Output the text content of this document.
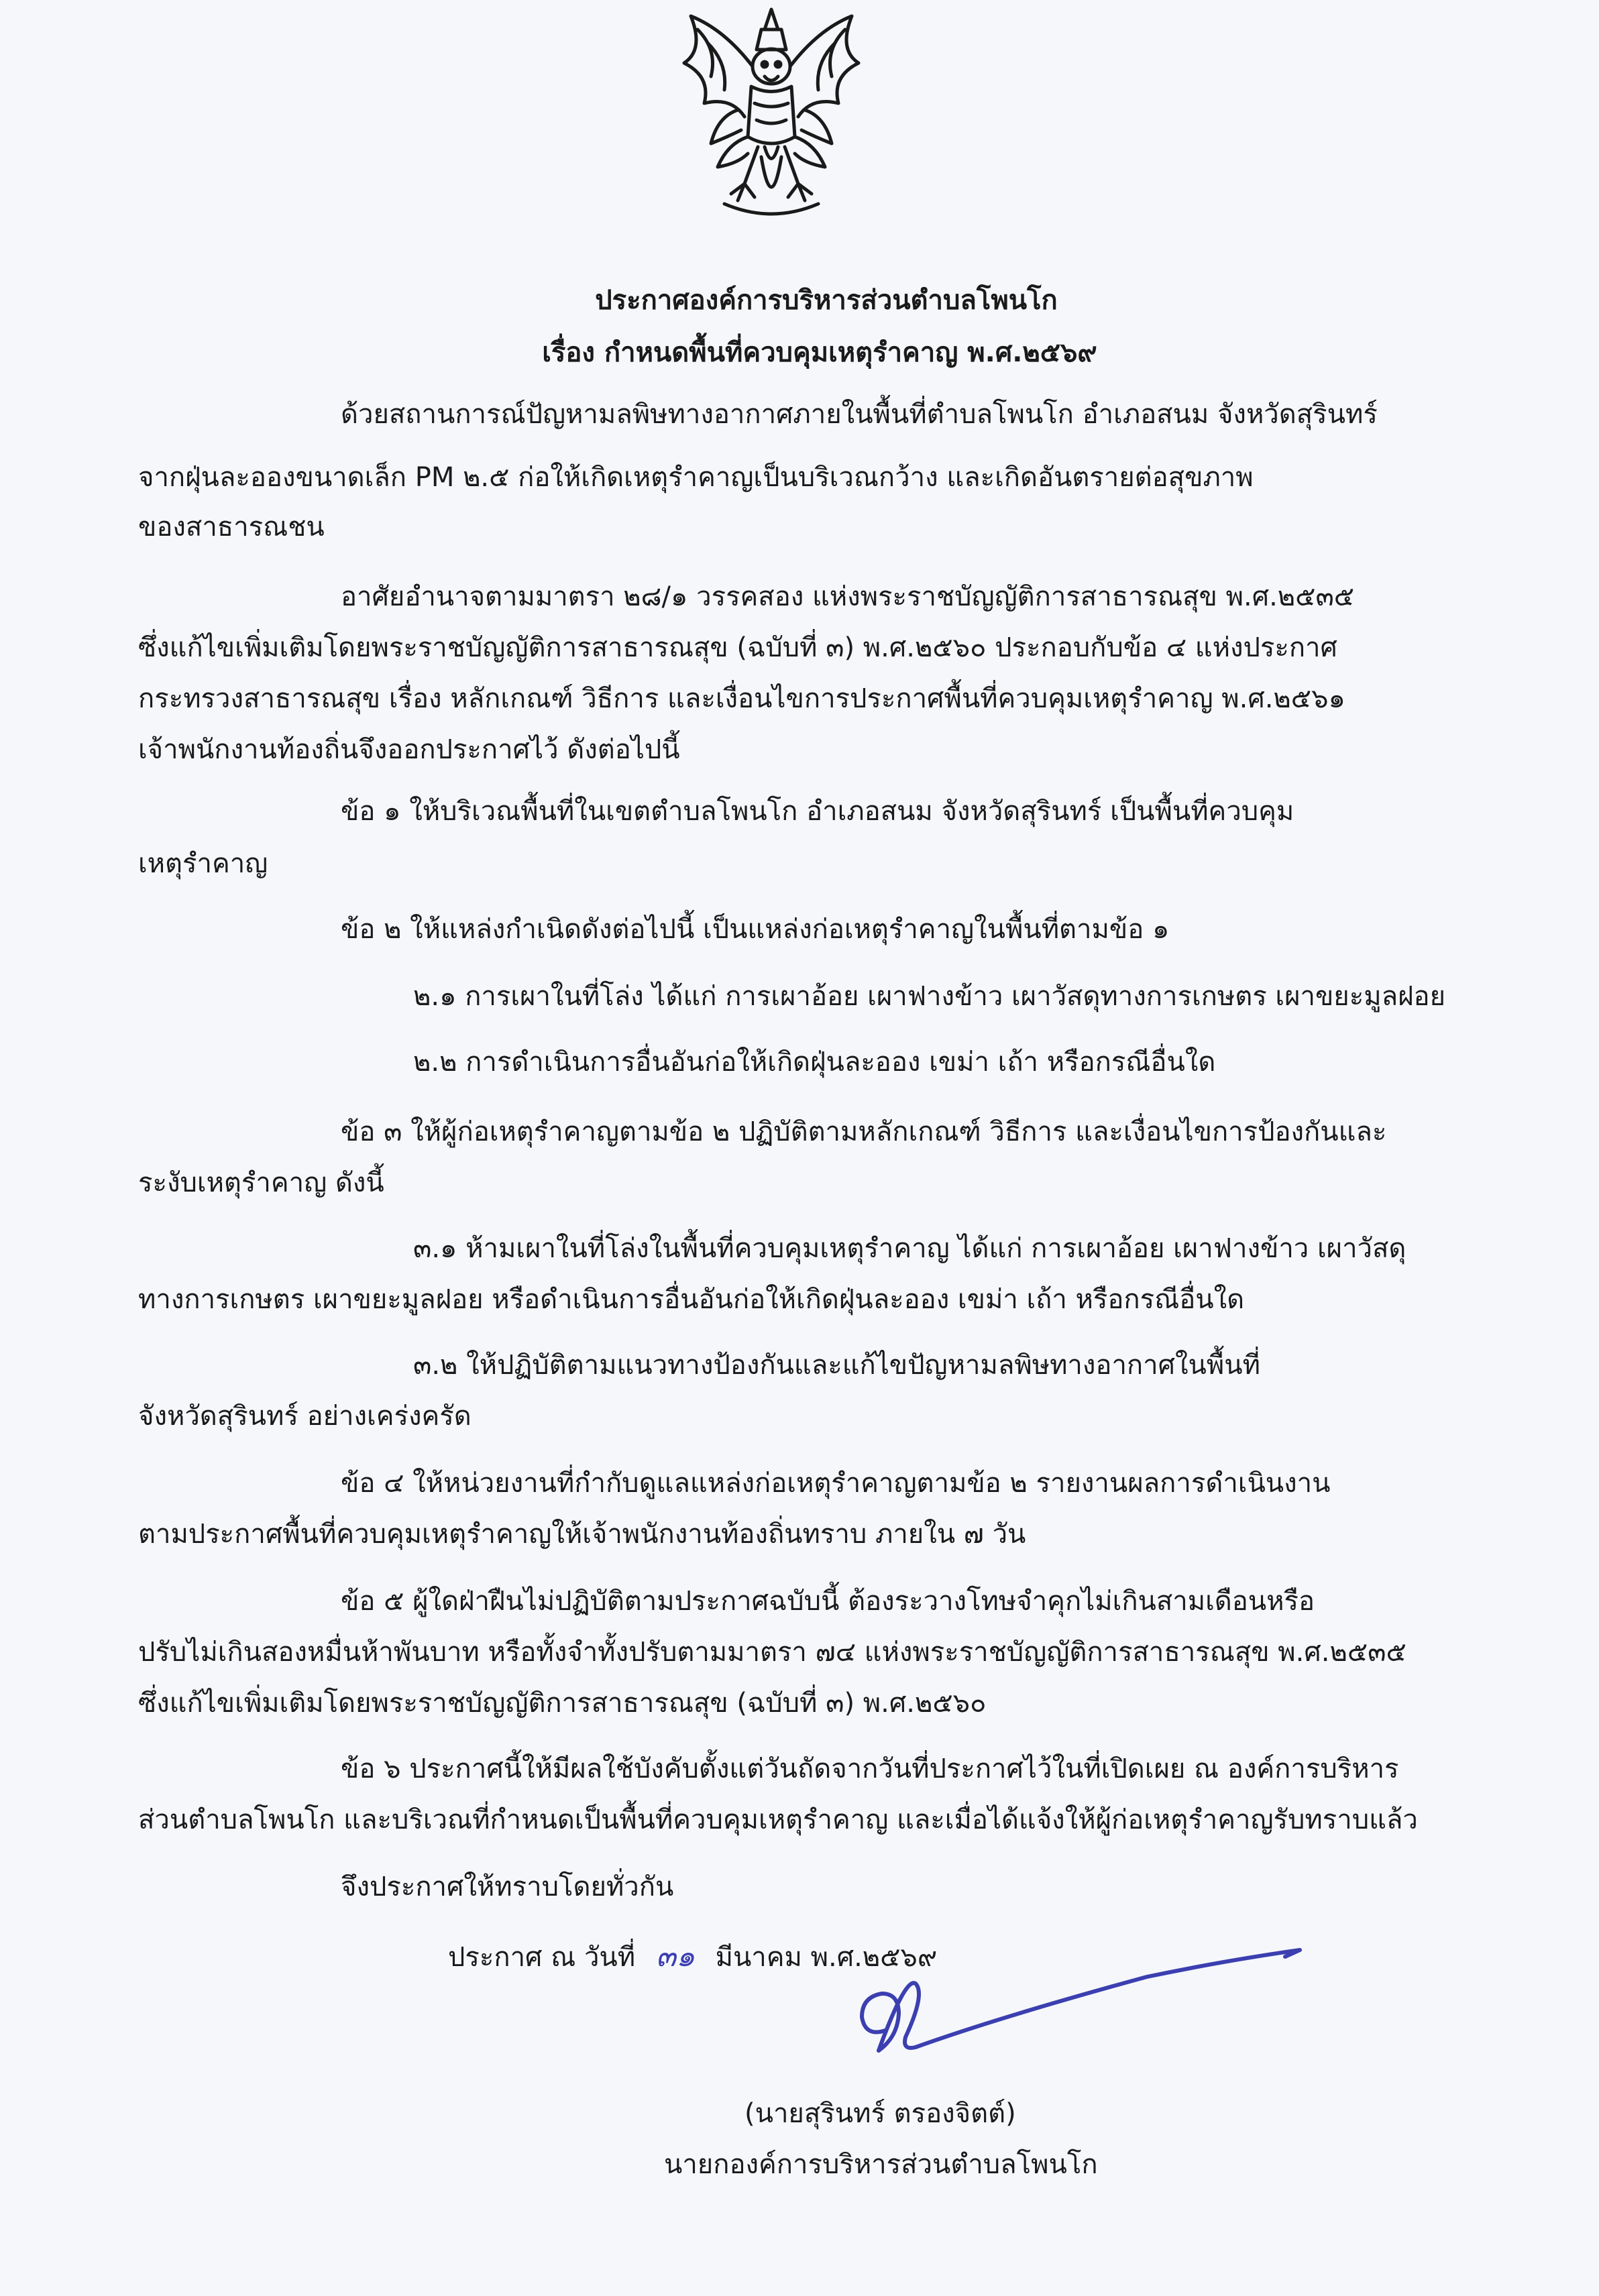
ประกาศองค์การบริหารส่วนตำบลโพนโก
เรื่อง กำหนดพื้นที่ควบคุมเหตุรำคาญ พ.ศ.๒๕๖๙
ด้วยสถานการณ์ปัญหามลพิษทางอากาศภายในพื้นที่ตำบลโพนโก อำเภอสนม จังหวัดสุรินทร์
จากฝุ่นละอองขนาดเล็ก PM ๒.๕ ก่อให้เกิดเหตุรำคาญเป็นบริเวณกว้าง และเกิดอันตรายต่อสุขภาพ
ของสาธารณชน
อาศัยอำนาจตามมาตรา ๒๘/๑ วรรคสอง แห่งพระราชบัญญัติการสาธารณสุข พ.ศ.๒๕๓๕
ซึ่งแก้ไขเพิ่มเติมโดยพระราชบัญญัติการสาธารณสุข (ฉบับที่ ๓) พ.ศ.๒๕๖๐ ประกอบกับข้อ ๔ แห่งประกาศ
กระทรวงสาธารณสุข เรื่อง หลักเกณฑ์ วิธีการ และเงื่อนไขการประกาศพื้นที่ควบคุมเหตุรำคาญ พ.ศ.๒๕๖๑
เจ้าพนักงานท้องถิ่นจึงออกประกาศไว้ ดังต่อไปนี้
ข้อ ๑ ให้บริเวณพื้นที่ในเขตตำบลโพนโก อำเภอสนม จังหวัดสุรินทร์ เป็นพื้นที่ควบคุม
เหตุรำคาญ
ข้อ ๒ ให้แหล่งกำเนิดดังต่อไปนี้ เป็นแหล่งก่อเหตุรำคาญในพื้นที่ตามข้อ ๑
๒.๑ การเผาในที่โล่ง ได้แก่ การเผาอ้อย เผาฟางข้าว เผาวัสดุทางการเกษตร เผาขยะมูลฝอย
๒.๒ การดำเนินการอื่นอันก่อให้เกิดฝุ่นละออง เขม่า เถ้า หรือกรณีอื่นใด
ข้อ ๓ ให้ผู้ก่อเหตุรำคาญตามข้อ ๒ ปฏิบัติตามหลักเกณฑ์ วิธีการ และเงื่อนไขการป้องกันและ
ระงับเหตุรำคาญ ดังนี้
๓.๑ ห้ามเผาในที่โล่งในพื้นที่ควบคุมเหตุรำคาญ ได้แก่ การเผาอ้อย เผาฟางข้าว เผาวัสดุ
ทางการเกษตร เผาขยะมูลฝอย หรือดำเนินการอื่นอันก่อให้เกิดฝุ่นละออง เขม่า เถ้า หรือกรณีอื่นใด
๓.๒ ให้ปฏิบัติตามแนวทางป้องกันและแก้ไขปัญหามลพิษทางอากาศในพื้นที่
จังหวัดสุรินทร์ อย่างเคร่งครัด
ข้อ ๔ ให้หน่วยงานที่กำกับดูแลแหล่งก่อเหตุรำคาญตามข้อ ๒ รายงานผลการดำเนินงาน
ตามประกาศพื้นที่ควบคุมเหตุรำคาญให้เจ้าพนักงานท้องถิ่นทราบ ภายใน ๗ วัน
ข้อ ๕ ผู้ใดฝ่าฝืนไม่ปฏิบัติตามประกาศฉบับนี้ ต้องระวางโทษจำคุกไม่เกินสามเดือนหรือ
ปรับไม่เกินสองหมื่นห้าพันบาท หรือทั้งจำทั้งปรับตามมาตรา ๗๔ แห่งพระราชบัญญัติการสาธารณสุข พ.ศ.๒๕๓๕
ซึ่งแก้ไขเพิ่มเติมโดยพระราชบัญญัติการสาธารณสุข (ฉบับที่ ๓) พ.ศ.๒๕๖๐
ข้อ ๖ ประกาศนี้ให้มีผลใช้บังคับตั้งแต่วันถัดจากวันที่ประกาศไว้ในที่เปิดเผย ณ องค์การบริหาร
ส่วนตำบลโพนโก และบริเวณที่กำหนดเป็นพื้นที่ควบคุมเหตุรำคาญ และเมื่อได้แจ้งให้ผู้ก่อเหตุรำคาญรับทราบแล้ว
จึงประกาศให้ทราบโดยทั่วกัน
ประกาศ ณ วันที่ ๓๑ มีนาคม พ.ศ.๒๕๖๙
(นายสุรินทร์ ตรองจิตต์)
นายกองค์การบริหารส่วนตำบลโพนโก
